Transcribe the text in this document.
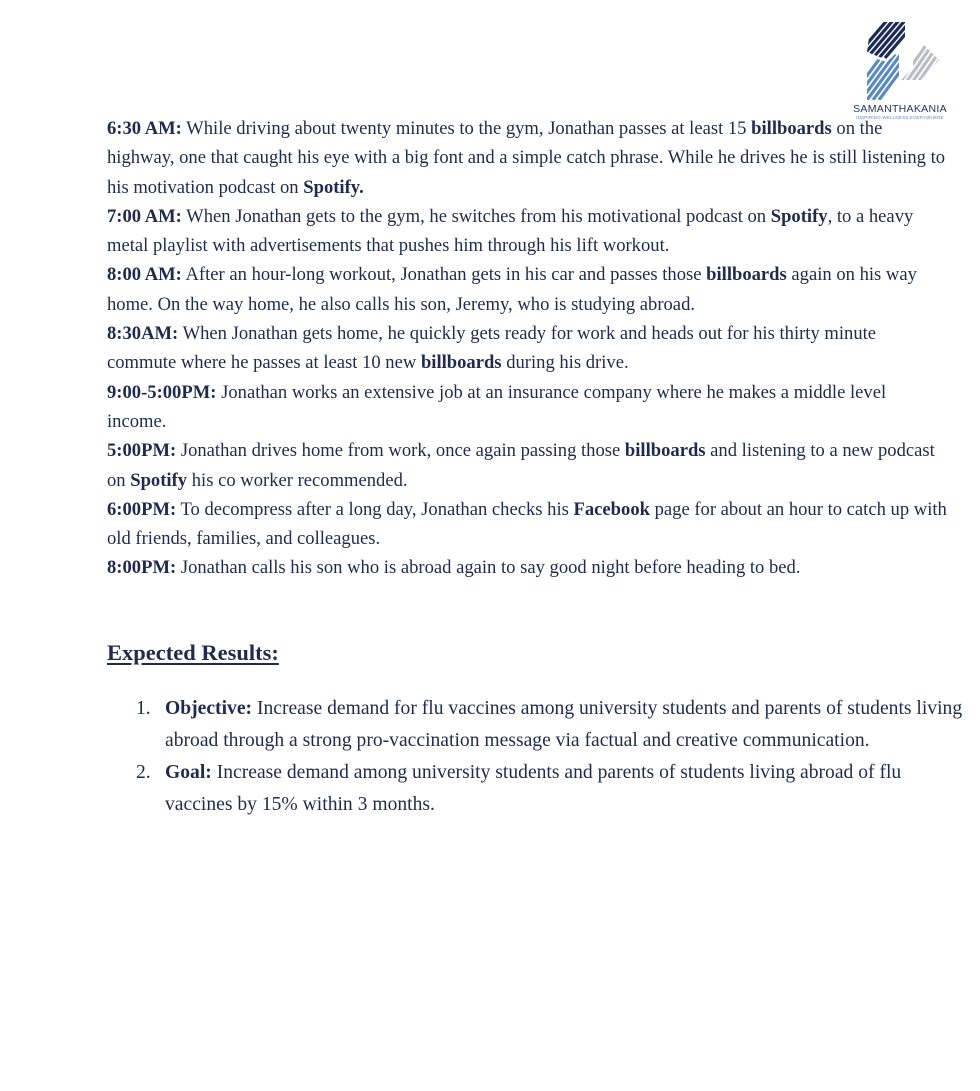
SAMANTHAKANIA
INSPIRING WELLNESS EVERYWHERE

6:30 AM: While driving about twenty minutes to the gym, Jonathan passes at least 15 billboards on the highway, one that caught his eye with a big font and a simple catch phrase. While he drives he is still listening to his motivation podcast on Spotify.

7:00 AM: When Jonathan gets to the gym, he switches from his motivational podcast on Spotify, to a heavy metal playlist with advertisements that pushes him through his lift workout.

8:00 AM: After an hour-long workout, Jonathan gets in his car and passes those billboards again on his way home. On the way home, he also calls his son, Jeremy, who is studying abroad.

8:30AM: When Jonathan gets home, he quickly gets ready for work and heads out for his thirty minute commute where he passes at least 10 new billboards during his drive.

9:00-5:00PM: Jonathan works an extensive job at an insurance company where he makes a middle level income.

5:00PM: Jonathan drives home from work, once again passing those billboards and listening to a new podcast on Spotify his co worker recommended.

6:00PM: To decompress after a long day, Jonathan checks his Facebook page for about an hour to catch up with old friends, families, and colleagues.

8:00PM: Jonathan calls his son who is abroad again to say good night before heading to bed.

Expected Results:
1. Objective: Increase demand for flu vaccines among university students and parents of students living abroad through a strong pro-vaccination message via factual and creative communication.
2. Goal: Increase demand among university students and parents of students living abroad of flu vaccines by 15% within 3 months.
